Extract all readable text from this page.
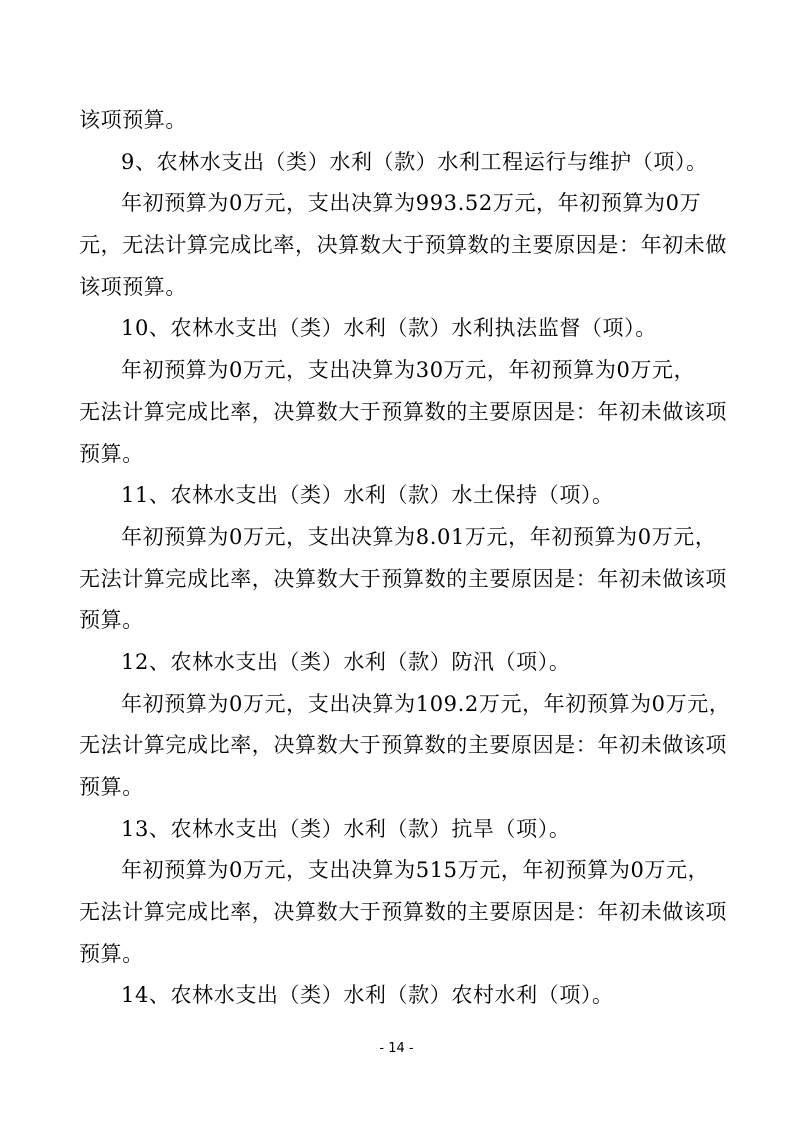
该项预算。
9、农林水支出（类）水利（款）水利工程运行与维护（项）。
年初预算为0万元，支出决算为993.52万元，年初预算为0万
元，无法计算完成比率，决算数大于预算数的主要原因是：年初未做
该项预算。
10、农林水支出（类）水利（款）水利执法监督（项）。
年初预算为0万元，支出决算为30万元，年初预算为0万元，
无法计算完成比率，决算数大于预算数的主要原因是：年初未做该项
预算。
11、农林水支出（类）水利（款）水土保持（项）。
年初预算为0万元，支出决算为8.01万元，年初预算为0万元，
无法计算完成比率，决算数大于预算数的主要原因是：年初未做该项
预算。
12、农林水支出（类）水利（款）防汛（项）。
年初预算为0万元，支出决算为109.2万元，年初预算为0万元，
无法计算完成比率，决算数大于预算数的主要原因是：年初未做该项
预算。
13、农林水支出（类）水利（款）抗旱（项）。
年初预算为0万元，支出决算为515万元，年初预算为0万元，
无法计算完成比率，决算数大于预算数的主要原因是：年初未做该项
预算。
14、农林水支出（类）水利（款）农村水利（项）。
- 14 -
